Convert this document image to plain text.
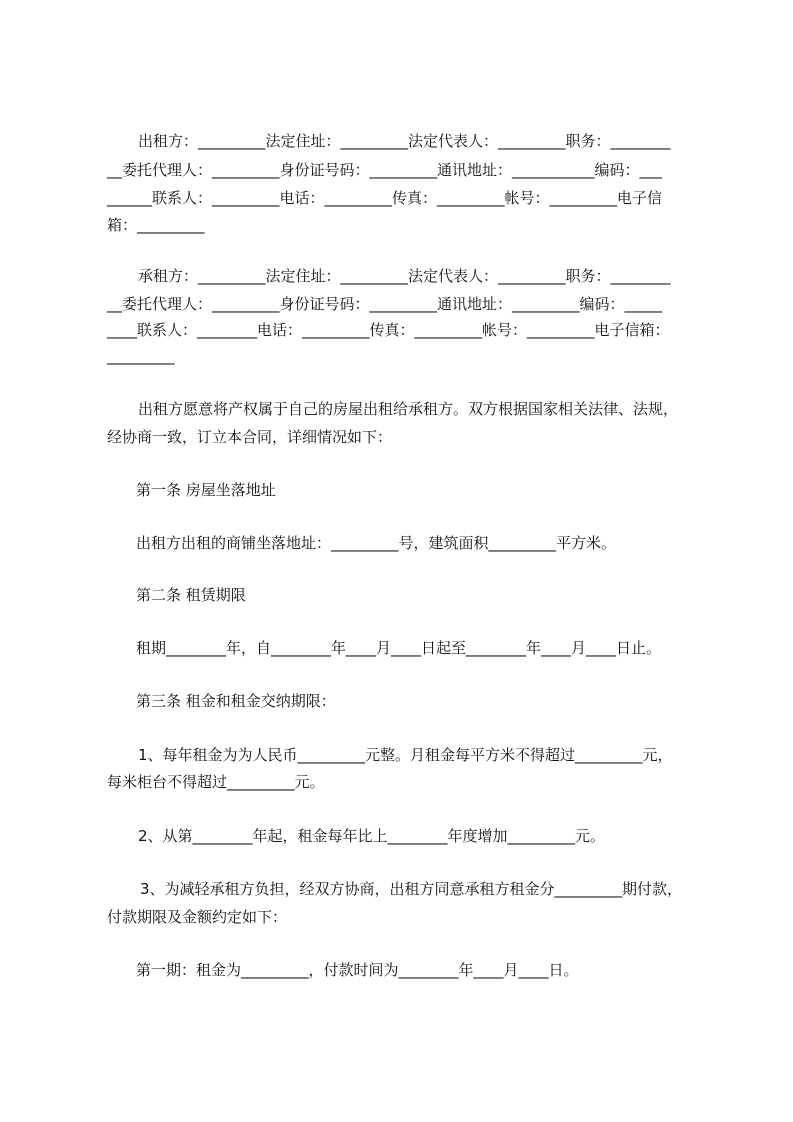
出租方：_________法定住址：_________法定代表人：_________职务：________
__委托代理人：_________身份证号码：_________通讯地址：___________编码：___
______联系人：_________电话：_________传真：_________帐号：_________电子信
箱：_________
承租方：_________法定住址：_________法定代表人：_________职务：________
__委托代理人：_________身份证号码：_________通讯地址：_________编码：_____
____联系人：________电话：_________传真：_________帐号：_________电子信箱：
_________
出租方愿意将产权属于自己的房屋出租给承租方。双方根据国家相关法律、法规，
经协商一致，订立本合同，详细情况如下：
第一条 房屋坐落地址
出租方出租的商铺坐落地址：_________号，建筑面积_________平方米。
第二条 租赁期限
租期________年，自________年____月____日起至________年____月____日止。
第三条 租金和租金交纳期限：
1、每年租金为为人民币_________元整。月租金每平方米不得超过_________元，
每米柜台不得超过_________元。
2、从第________年起，租金每年比上________年度增加_________元。
3、为减轻承租方负担，经双方协商，出租方同意承租方租金分_________期付款，
付款期限及金额约定如下：
第一期：租金为_________，付款时间为________年____月____日。
